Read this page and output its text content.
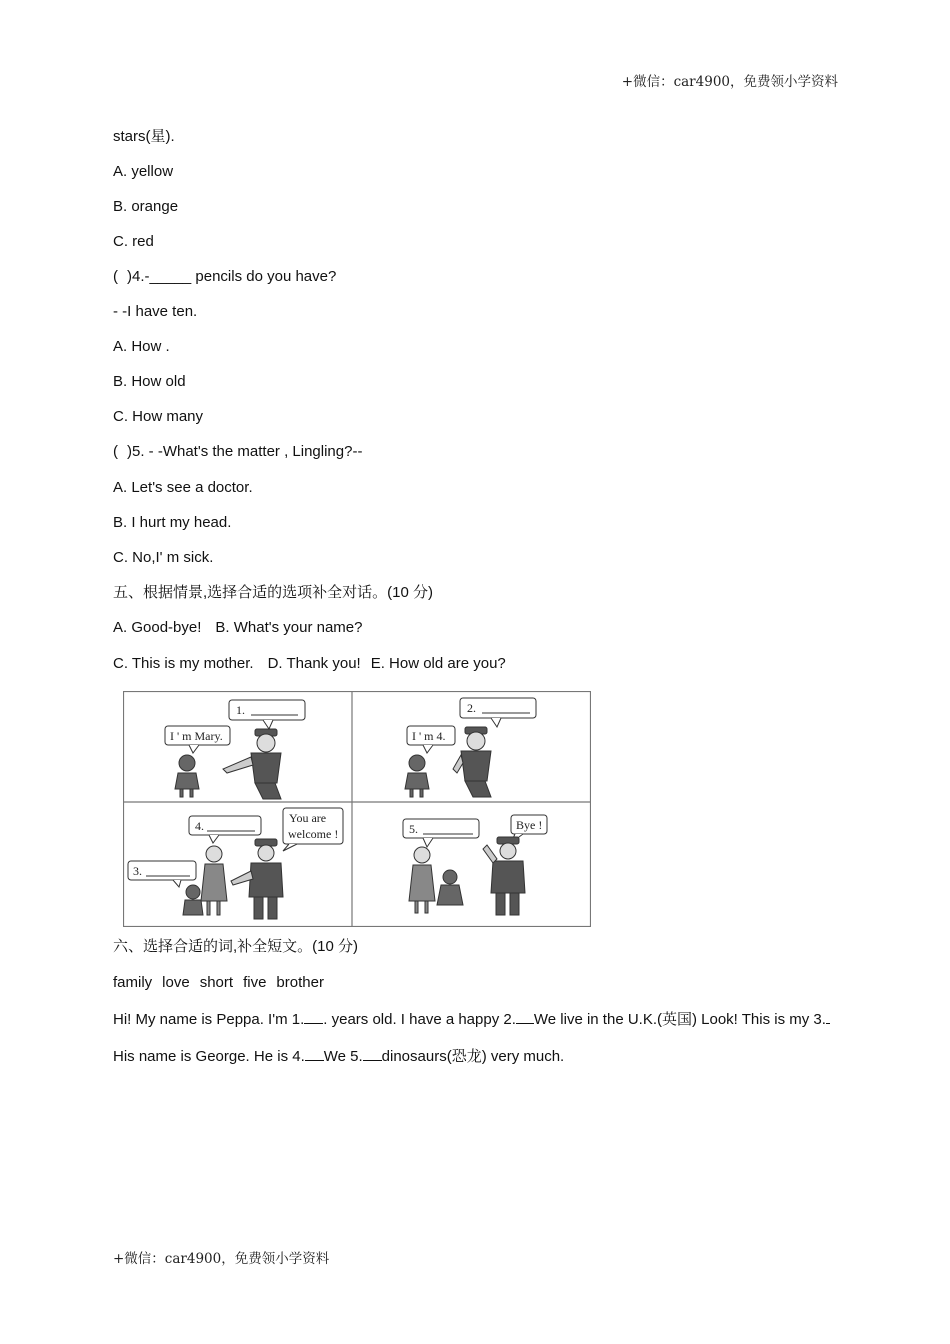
+微信：car4900，免费领小学资料
stars(星).
A. yellow
B. orange
C. red
( )4.-_____ pencils do you have?
- -I have ten.
A. How .
B. How old
C. How many
( )5. - -What's the matter , Lingling?--
A. Let's see a doctor.
B. I hurt my head.
C. No,I' m sick.
五、根据情景,选择合适的选项补全对话。(10 分)
A. Good-bye! B. What's your name?
C. This is my mother. D. Thank you! E. How old are you?
1.
I ' m Mary.
2.
I ' m 4.
4.
You are
welcome !
3.
5.	Bye !
六、选择合适的词,补全短文。(10 分)
family love short five brother
Hi! My name is Peppa. I'm 1. . years old. I have a happy 2. We live in the U.K.(英国) Look! This is my 3.
His name is George. He is 4. We 5. dinosaurs(恐龙) very much.
+微信：car4900，免费领小学资料
